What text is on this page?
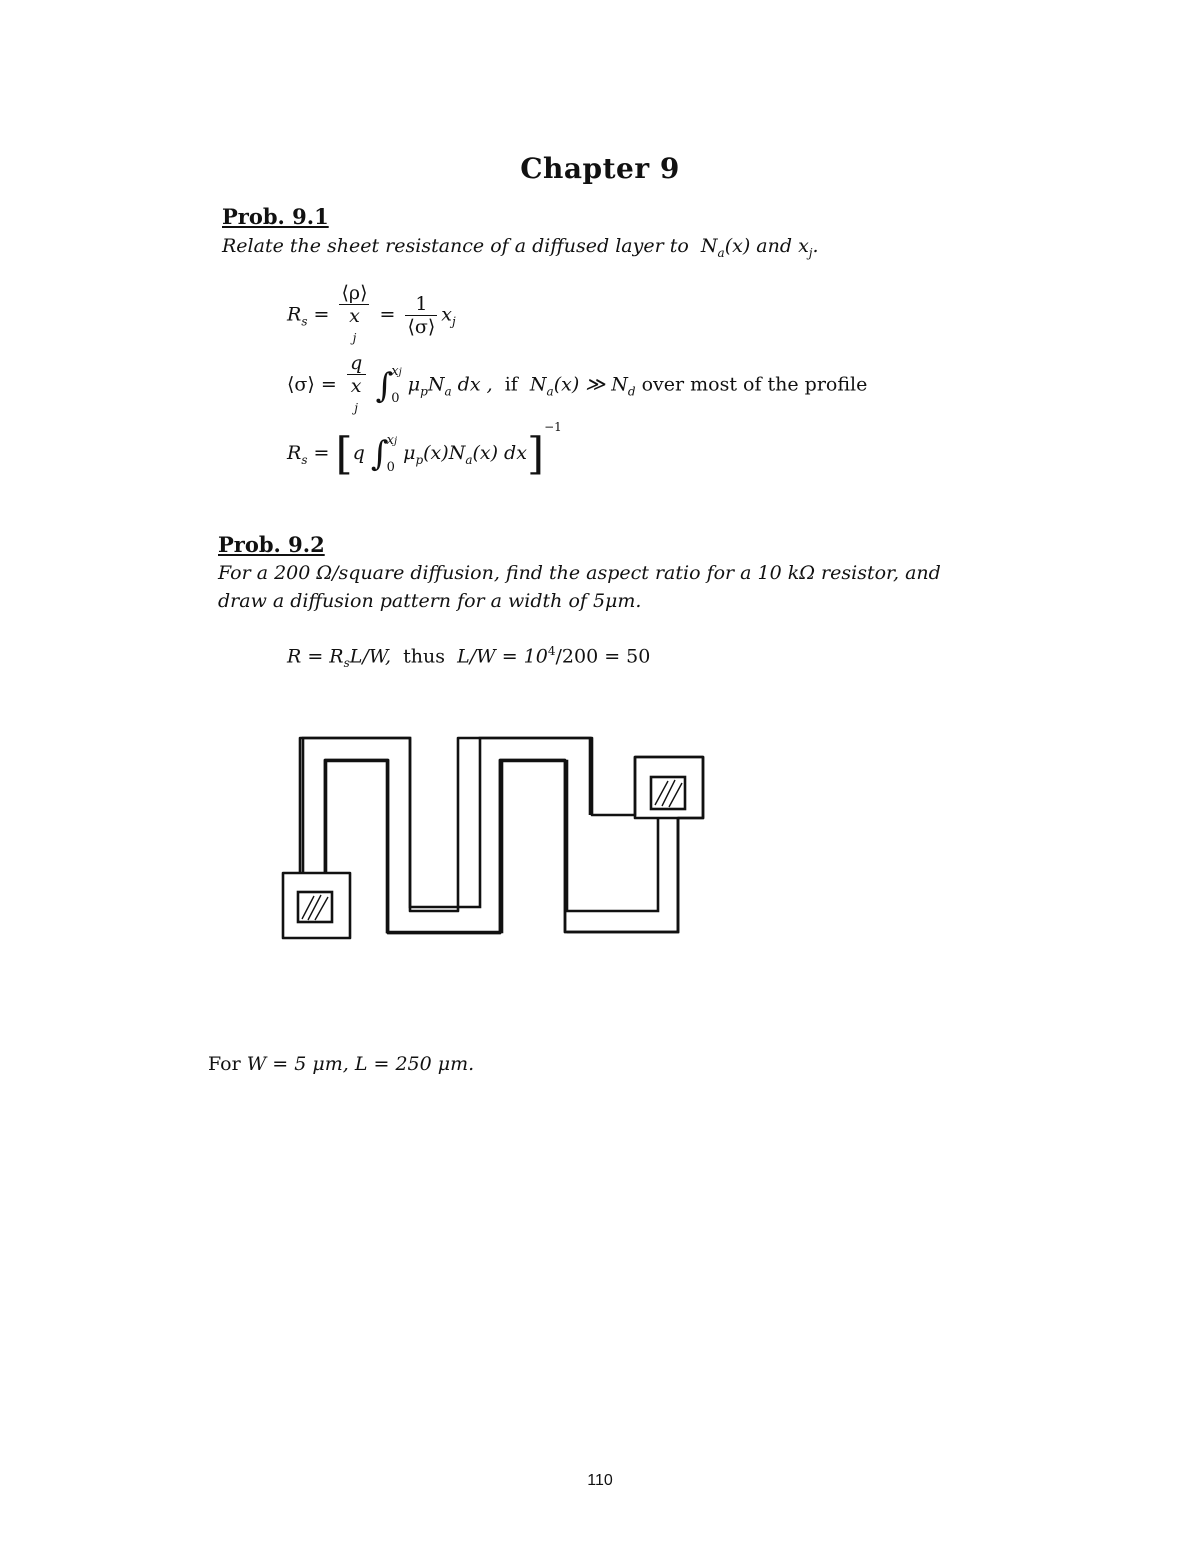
Chapter 9
Prob. 9.1
Relate the sheet resistance of a diffused layer to $N_a(x)$ and $x_j$.
$R_s$ = ⟨ρ⟩
x
$j = \frac{1}{⟨\sigma⟩} x_j$
⟨σ⟩ = q
x
j ∫
xj
0
$\mu_pN_a$ dx , if $N_a(x)$ ≫ $N_d$ over most of the profile
$R_s = [q$ ∫
xj
0
$\mu_p(x)N_a(x)$ dx]$^{-1}$
Prob. 9.2
For a 200 Ω/square diffusion, find the aspect ratio for a 10 kΩ resistor, and
draw a diffusion pattern for a width of 5μm.
$R = R_sL/W$, thus $L/W = 10^4/200 = 50$
For W = 5 μm, L = 250 μm.
110
